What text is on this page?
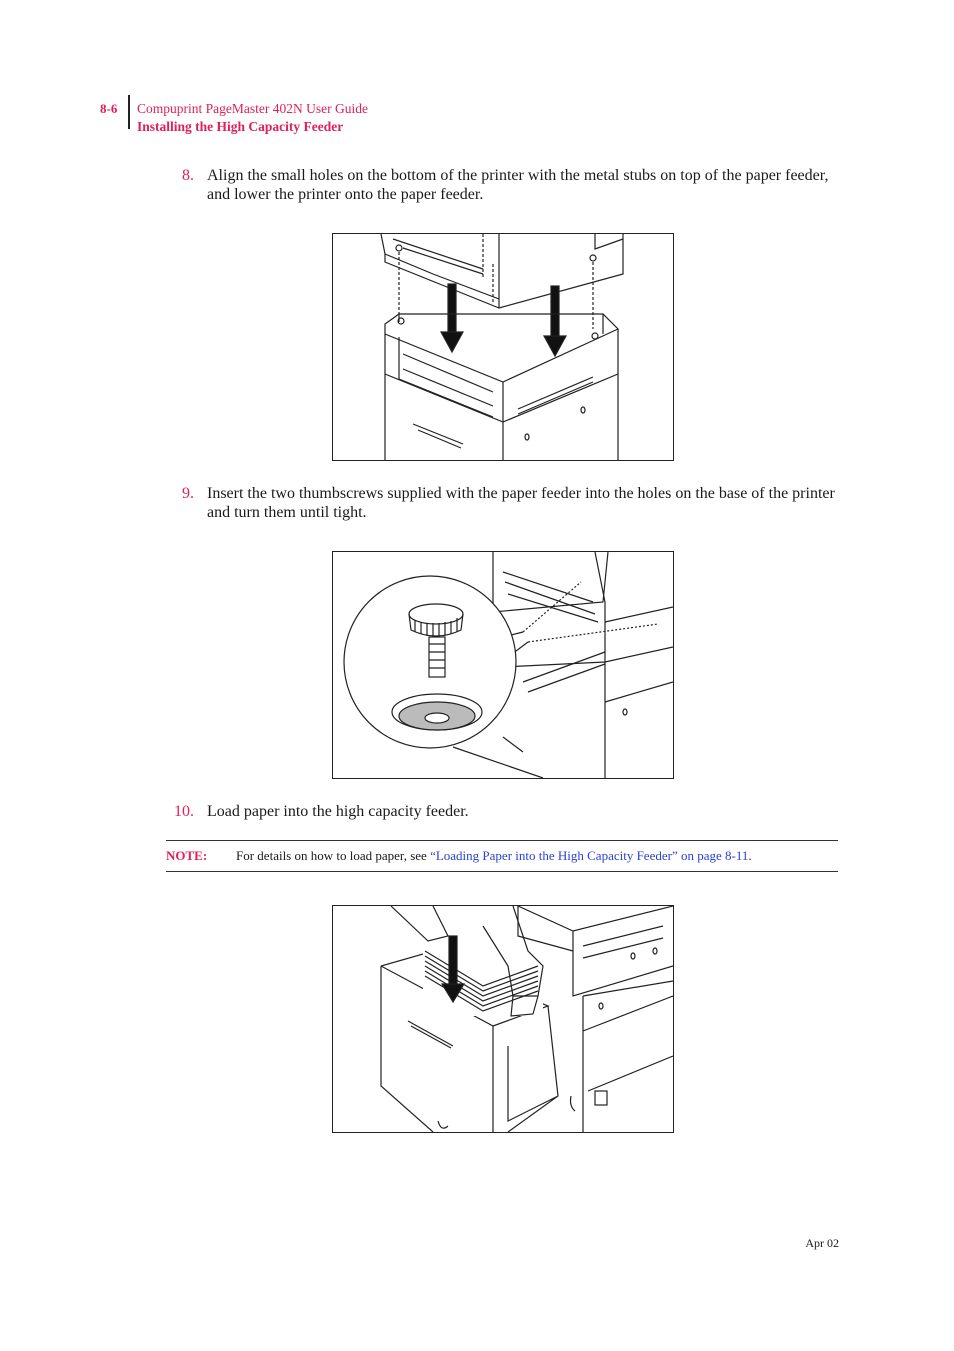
8-6 Compuprint PageMaster 402N User Guide
Installing the High Capacity Feeder
8. Align the small holes on the bottom of the printer with the metal stubs on top of the paper feeder, and lower the printer onto the paper feeder.
9. Insert the two thumbscrews supplied with the paper feeder into the holes on the base of the printer and turn them until tight.
10. Load paper into the high capacity feeder.
NOTE: For details on how to load paper, see “Loading Paper into the High Capacity Feeder” on page 8-11.
Apr 02
